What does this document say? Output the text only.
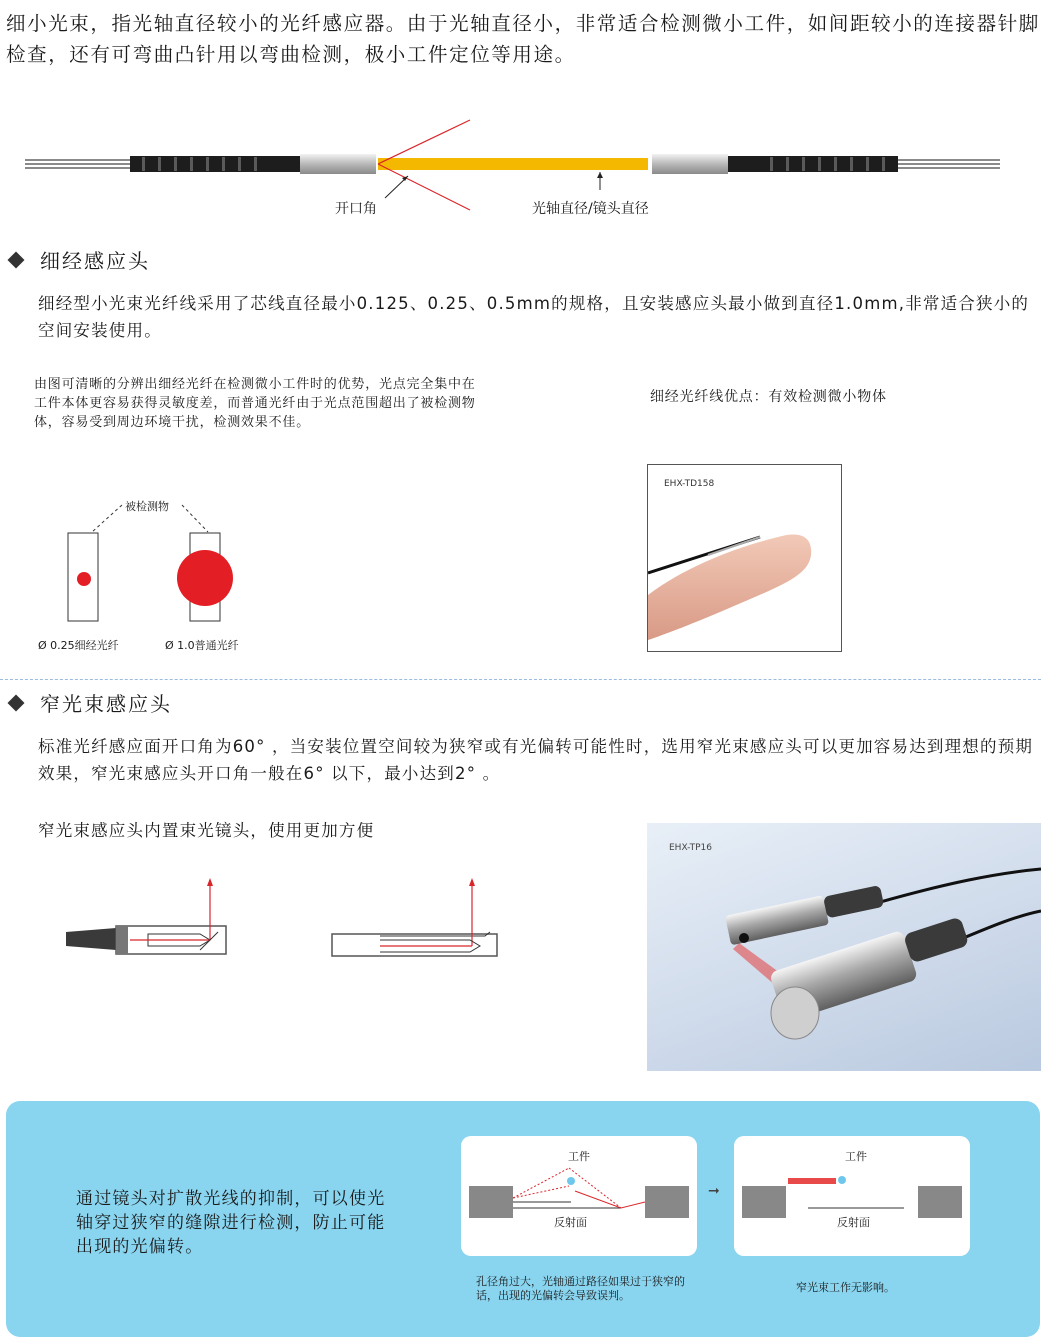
细小光束，指光轴直径较小的光纤感应器。由于光轴直径小，非常适合检测微小工件，如间距较小的连接器针脚检查，还有可弯曲凸针用以弯曲检测，极小工件定位等用途。
开口角	光轴直径/镜头直径
细经感应头
细经型小光束光纤线采用了芯线直径最小0.125、0.25、0.5mm的规格，且安装感应头最小做到直径1.0mm,非常适合狭小的空间安装使用。
由图可清晰的分辨出细经光纤在检测微小工件时的优势，光点完全集中在工件本体更容易获得灵敏度差，而普通光纤由于光点范围超出了被检测物体，容易受到周边环境干扰，检测效果不佳。
细经光纤线优点：有效检测微小物体
被检测物
Ø 0.25细经光纤	Ø 1.0普通光纤
EHX-TD158
窄光束感应头
标准光纤感应面开口角为60° ，当安装位置空间较为狭窄或有光偏转可能性时，选用窄光束感应头可以更加容易达到理想的预期效果，窄光束感应头开口角一般在6° 以下，最小达到2° 。
窄光束感应头内置束光镜头，使用更加方便
EHX-TP16
通过镜头对扩散光线的抑制，可以使光轴穿过狭窄的缝隙进行检测，防止可能出现的光偏转。
工件
反射面
➞
工件
反射面
孔径角过大，光轴通过路径如果过于狭窄的话，出现的光偏转会导致误判。
窄光束工作无影响。
